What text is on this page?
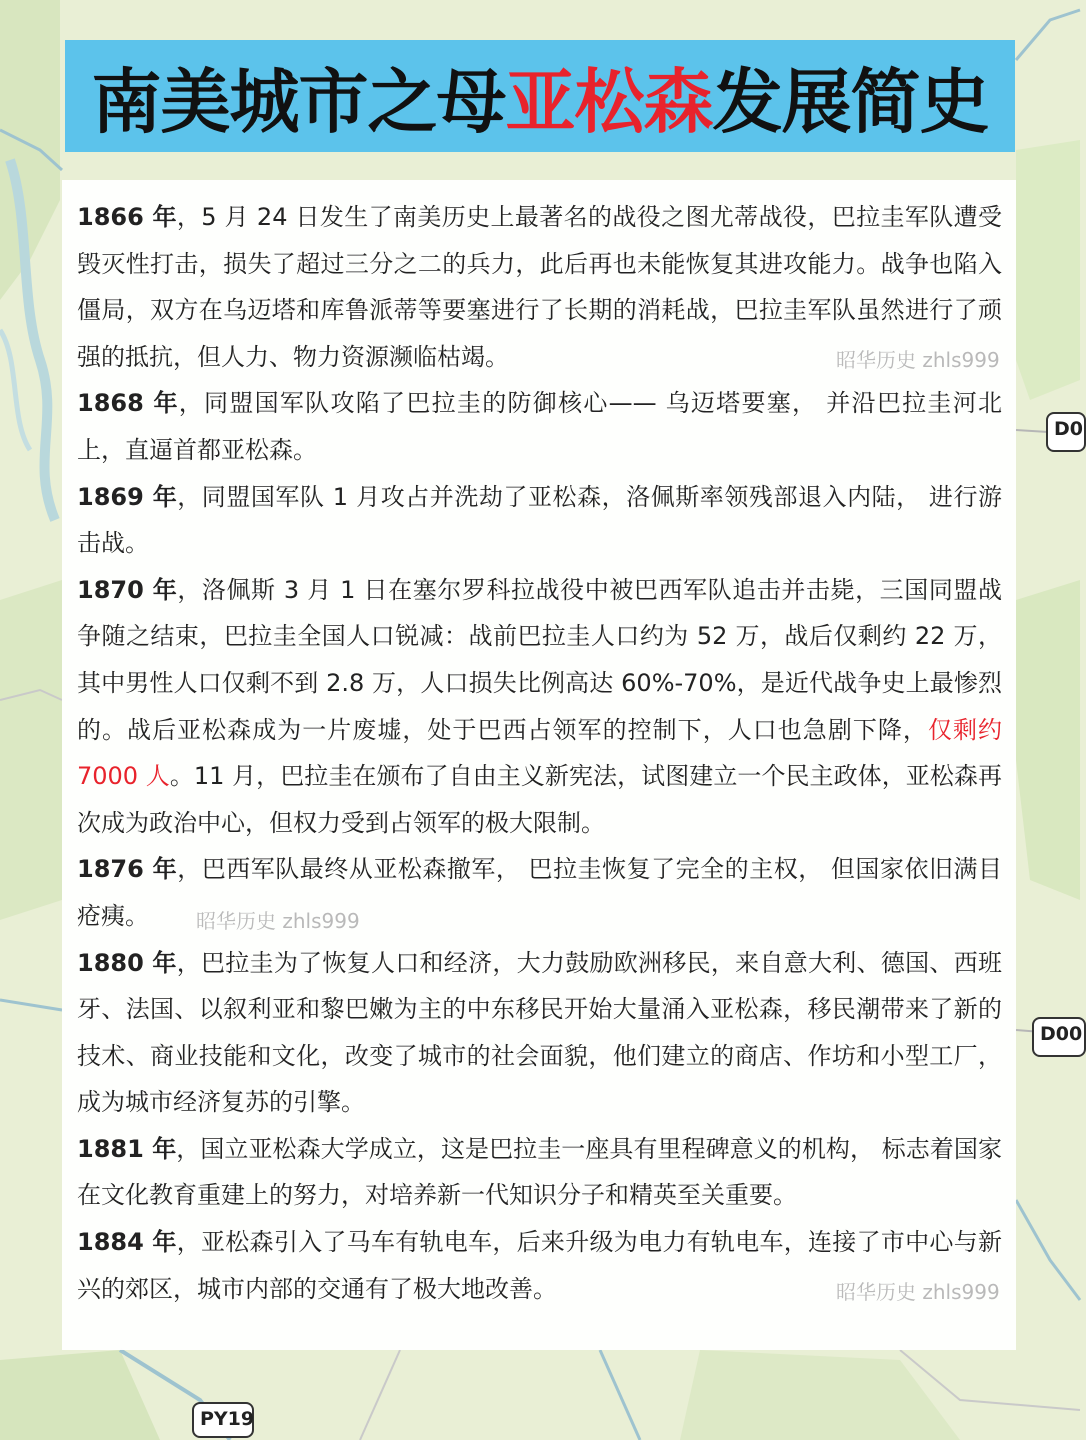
PY19
D0
D00
南美城市之母亚松森发展简史

1866 年，5 月 24 日发生了南美历史上最著名的战役之图尤蒂战役，巴拉圭军队遭受毁灭性打击，损失了超过三分之二的兵力，此后再也未能恢复其进攻能力。战争也陷入僵局，双方在乌迈塔和库鲁派蒂等要塞进行了长期的消耗战，巴拉圭军队虽然进行了顽强的抵抗，但人力、物力资源濒临枯竭。

1868 年，同盟国军队攻陷了巴拉圭的防御核心—— 乌迈塔要塞， 并沿巴拉圭河北上，直逼首都亚松森。

1869 年，同盟国军队 1 月攻占并洗劫了亚松森，洛佩斯率领残部退入内陆， 进行游击战。

1870 年，洛佩斯 3 月 1 日在塞尔罗科拉战役中被巴西军队追击并击毙，三国同盟战争随之结束，巴拉圭全国人口锐减：战前巴拉圭人口约为 52 万，战后仅剩约 22 万，其中男性人口仅剩不到 2.8 万，人口损失比例高达 60%-70%，是近代战争史上最惨烈的。战后亚松森成为一片废墟，处于巴西占领军的控制下，人口也急剧下降，仅剩约 7000 人。11 月，巴拉圭在颁布了自由主义新宪法，试图建立一个民主政体，亚松森再次成为政治中心，但权力受到占领军的极大限制。

1876 年，巴西军队最终从亚松森撤军， 巴拉圭恢复了完全的主权， 但国家依旧满目疮痍。

1880 年，巴拉圭为了恢复人口和经济，大力鼓励欧洲移民，来自意大利、德国、西班牙、法国、以叙利亚和黎巴嫩为主的中东移民开始大量涌入亚松森，移民潮带来了新的技术、商业技能和文化，改变了城市的社会面貌，他们建立的商店、作坊和小型工厂，成为城市经济复苏的引擎。

1881 年，国立亚松森大学成立，这是巴拉圭一座具有里程碑意义的机构， 标志着国家在文化教育重建上的努力，对培养新一代知识分子和精英至关重要。

1884 年，亚松森引入了马车有轨电车，后来升级为电力有轨电车，连接了市中心与新兴的郊区，城市内部的交通有了极大地改善。

昭华历史 zhls999
昭华历史 zhls999
昭华历史 zhls999
